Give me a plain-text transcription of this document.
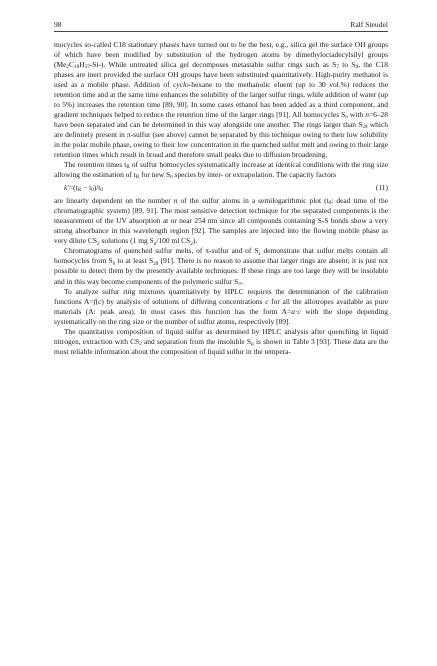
98	Ralf Steudel

mocycles so-called C18 stationary phases have turned out to be the best, e.g., silica gel the surface OH groups of which have been modified by substitution of the hydrogen atoms by dimethyloctadecylsilyl groups $(Me_2C_{18}H_{37}-Si-)$. While untreated silica gel decomposes metastable sulfur rings such as $S_7$ to $S_8$, the C18 phases are inert provided the surface OH groups have been substituted quantitatively. High-purity methanol is used as a mobile phase. Addition of cyclo-hexane to the methanolic eluent (up to 30 vol.%) reduces the retention time and at the same time enhances the solubility of the larger sulfur rings, while addition of water (up to 5%) increases the retention time [89, 90]. In some cases ethanol has been added as a third component, and gradient techniques helped to reduce the retention time of the larger rings [91]. All homocycles $S_n$ with n=6–28 have been separated and can be determined in this way alongside one another. The rings larger than $S_{28}$ which are definitely present in π-sulfur (see above) cannot be separated by this technique owing to their low solubility in the polar mobile phase, owing to their low concentration in the quenched sulfur melt and owing to their large retention times which result in broad and therefore small peaks due to diffusion broadening.

The retention times $t_R$ of sulfur homocycles systematically increase at identical conditions with the ring size allowing the estimation of $t_R$ for new $S_n$ species by inter- or extrapolation. The capacity factors

$k'=(t_R - t_0)/t_0$	(11)

are linearly dependent on the number n of the sulfur atoms in a semilogarithmic plot ($t_0$: dead time of the chromatographic system) [89, 91]. The most sensitive detection technique for the separated components is the measurement of the UV absorption at or near 254 nm since all compounds containing S-S bonds show a very strong absorbance in this wavelength region [92]. The samples are injected into the flowing mobile phase as very dilute $CS_2$ solutions (1 mg $S_n/100$ ml $CS_2$).

Chromatograms of quenched sulfur melts, of π-sulfur and of $S_x$ demonstrate that sulfur melts contain all homocycles from $S_6$ to at least $S_{28}$ [91]. There is no reason to assume that larger rings are absent; it is just not possible to detect them by the presently available techniques. If these rings are too large they will be insoluble and in this way become components of the polymeric sulfur $S_\infty$.

To analyze sulfur ring mixtures quantitatively by HPLC requires the determination of the calibration functions A=f(c) by analysis of solutions of differing concentrations c for all the allotropes available as pure materials (A: peak area). In most cases this function has the form A=a·c with the slope depending systematically on the ring size or the number of sulfur atoms, respectively [89].

The quantitative composition of liquid sulfur as determined by HPLC analysis after quenching in liquid nitrogen, extraction with $CS_2$ and separation from the insoluble $S_\mu$ is shown in Table 3 [93]. These data are the most reliable information about the composition of liquid sulfur in the tempera-
